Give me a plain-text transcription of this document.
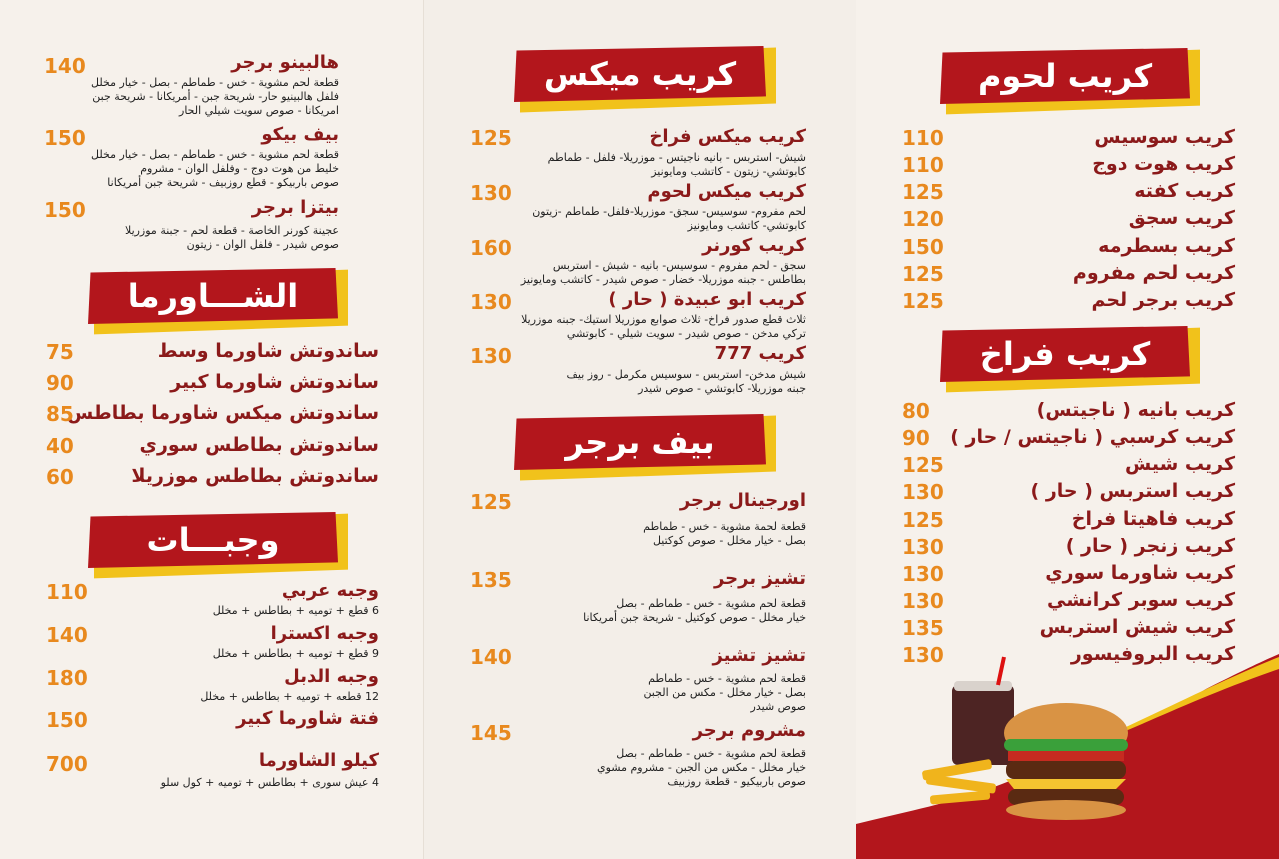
هالبينو برجر
140
قطعة لحم مشوية - خس - طماطم - بصل - خيار مخلل
فلفل هالبينيو حار- شريحة جبن - أمريكانا - شريحة جبن
امريكانا - صوص سويت شيلي الحار
بيف بيكو
150
قطعة لحم مشوية - خس - طماطم - بصل - خيار مخلل
خليط من هوت دوج - وفلفل الوان - مشروم
صوص باربيكو - قطع روزبيف - شريحة جبن أمريكانا
بيتزا برجر
150
عجينة كورنر الخاصة - قطعة لحم - جبنة موزريلا
صوص شيدر - فلفل الوان - زيتون
الشـــاورما
ساندوتش شاورما وسط
75
ساندوتش شاورما كبير
90
ساندوتش ميكس شاورما بطاطس
85
ساندوتش بطاطس سوري
40
ساندوتش بطاطس موزريلا
60
وجبـــات
وجبه عربي
110
6 قطع + توميه + بطاطس + مخلل
وجبه اكسترا
140
9 قطع + توميه + بطاطس + مخلل
وجبه الدبل
180
12 قطعه + توميه + بطاطس + مخلل
فتة شاورما كبير
150
كيلو الشاورما
700
4 عيش سورى + بطاطس + توميه + كول سلو
كريب ميكس
كريب ميكس فراخ
125
شيش- استربس - بانيه ناجيتس - موزريلا- فلفل - طماطم
كابوتشي- زيتون - كاتشب ومايونيز
كريب ميكس لحوم
130
لحم مفروم- سوسيس- سجق- موزريلا-فلفل- طماطم -زيتون
كابوتشي- كاتشب ومايونيز
كريب كورنر
160
سجق - لحم مفروم - سوسيس- بانيه - شيش - استربس
بطاطس - جبنه موزريلا- خضار - صوص شيدر - كاتشب ومايونيز
كريب ابو عبيدة ( حار )
130
ثلاث قطع صدور فراخ- ثلاث صوابع موزريلا استيك- جبنه موزريلا
تركي مدخن - صوص شيدر - سويت شيلي - كابوتشي
كريب 777
130
شيش مدخن- استربس - سوسيس مكرمل - روز بيف
جبنه موزريلا- كابوتشي - صوص شيدر
بيف برجر
اورجينال برجر
125
قطعة لحمة مشوية - خس - طماطم
بصل - خيار مخلل - صوص كوكتيل
تشيز برجر
135
قطعة لحم مشوية - خس - طماطم - بصل
خيار مخلل - صوص كوكتيل - شريحة جبن أمريكانا
تشيز تشيز
140
قطعة لحم مشوية - خس - طماطم
بصل - خيار مخلل - مكس من الجبن
صوص شيدر
مشروم برجر
145
قطعة لحم مشوية - خس - طماطم - بصل
خيار مخلل - مكس من الجبن - مشروم مشوي
صوص باربيكيو - قطعة روزبيف
كريب لحوم
كريب سوسيس
110
كريب هوت دوج
110
كريب كفته
125
كريب سجق
120
كريب بسطرمه
150
كريب لحم مفروم
125
كريب برجر لحم
125
كريب فراخ
كريب بانيه ( ناجيتس)
80
كريب كرسبي ( ناجيتس / حار )
90
كريب شيش
125
كريب استربس ( حار )
130
كريب فاهيتا فراخ
125
كريب زنجر ( حار )
130
كريب شاورما سوري
130
كريب سوبر كرانشي
130
كريب شيش استربس
135
كريب البروفيسور
130
